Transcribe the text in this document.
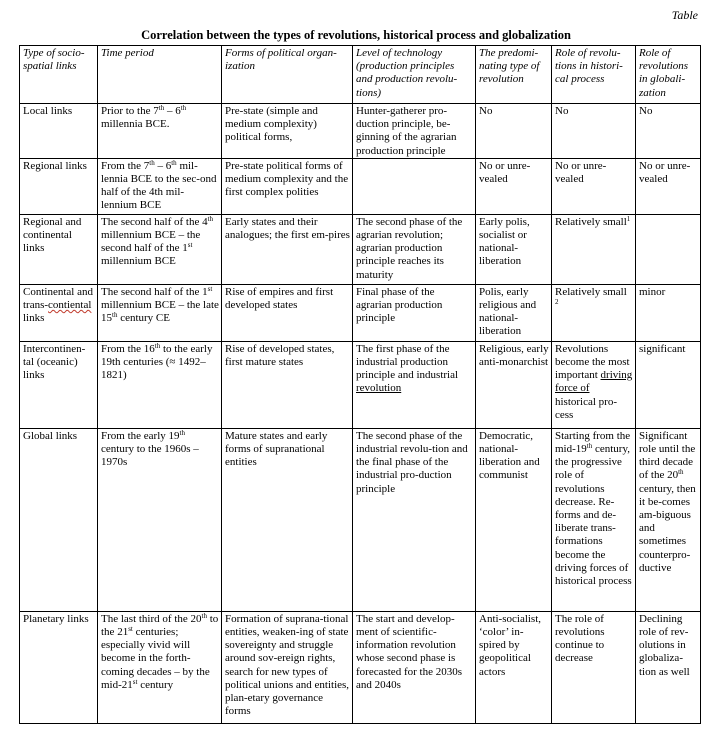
Table
Correlation between the types of revolutions, historical process and globalization
Type of socio-spatial links	Time period	Forms of political organ-ization	Level of technology (production principles and production revolu-tions)	The predomi-nating type of revolution	Role of revolu-tions in histori-cal process	Role of revolutions in globali-zation
Local links	Prior to the 7th – 6th millennia BCE.	Pre-state (simple and medium complexity) political forms,	Hunter-gatherer pro-duction principle, be-ginning of the agrarian production principle	No	No	No
Regional links	From the 7th – 6th mil-lennia BCE to the sec-ond half of the 4th mil-lennium BCE	Pre-state political forms of medium complexity and the first complex polities		No or unre-vealed	No or unre-vealed	No or unre-vealed
Regional and continental links	The second half of the 4th millennium BCE – the second half of the 1st millennium BCE	Early states and their analogues; the first em-pires	The second phase of the agrarian revolution; agrarian production principle reaches its maturity	Early polis, socialist or national-liberation	Relatively small$^1$	
Continental and trans-contiental links	The second half of the 1st millennium BCE – the late 15th century CE	Rise of empires and first developed states	Final phase of the agrarian production principle	Polis, early religious and national-liberation	Relatively small $^2$	minor
Intercontinen-tal (oceanic) links	From the 16th to the early 19th centuries (≈ 1492–1821)	Rise of developed states, first mature states	The first phase of the industrial production principle and industrial revolution	Religious, early anti-monarchist	Revolutions become the most important driving force of historical pro-cess	significant
Global links	From the early 19th century to the 1960s – 1970s	Mature states and early forms of supranational entities	The second phase of the industrial revolu-tion and the final phase of the industrial pro-duction principle	Democratic, national-liberation and communist	Starting from the mid-19th century, the progressive role of revolutions decrease. Re-forms and de-liberate trans-formations become the driving forces of historical process	Significant role until the third decade of the 20th century, then it be-comes am-biguous and sometimes counterpro-ductive
Planetary links	The last third of the 20th to the 21st centuries; especially vivid will become in the forth-coming decades – by the mid-21st century	Formation of suprana-tional entities, weaken-ing of state sovereignty and struggle around sov-ereign rights, search for new types of political unions and entities, plan-etary governance forms	The start and develop-ment of scientific-information revolution whose second phase is forecasted for the 2030s and 2040s	Anti-socialist, ‘color’ in-spired by geopolitical actors	The role of revolutions continue to decrease	Declining role of rev-olutions in globaliza-tion as well
